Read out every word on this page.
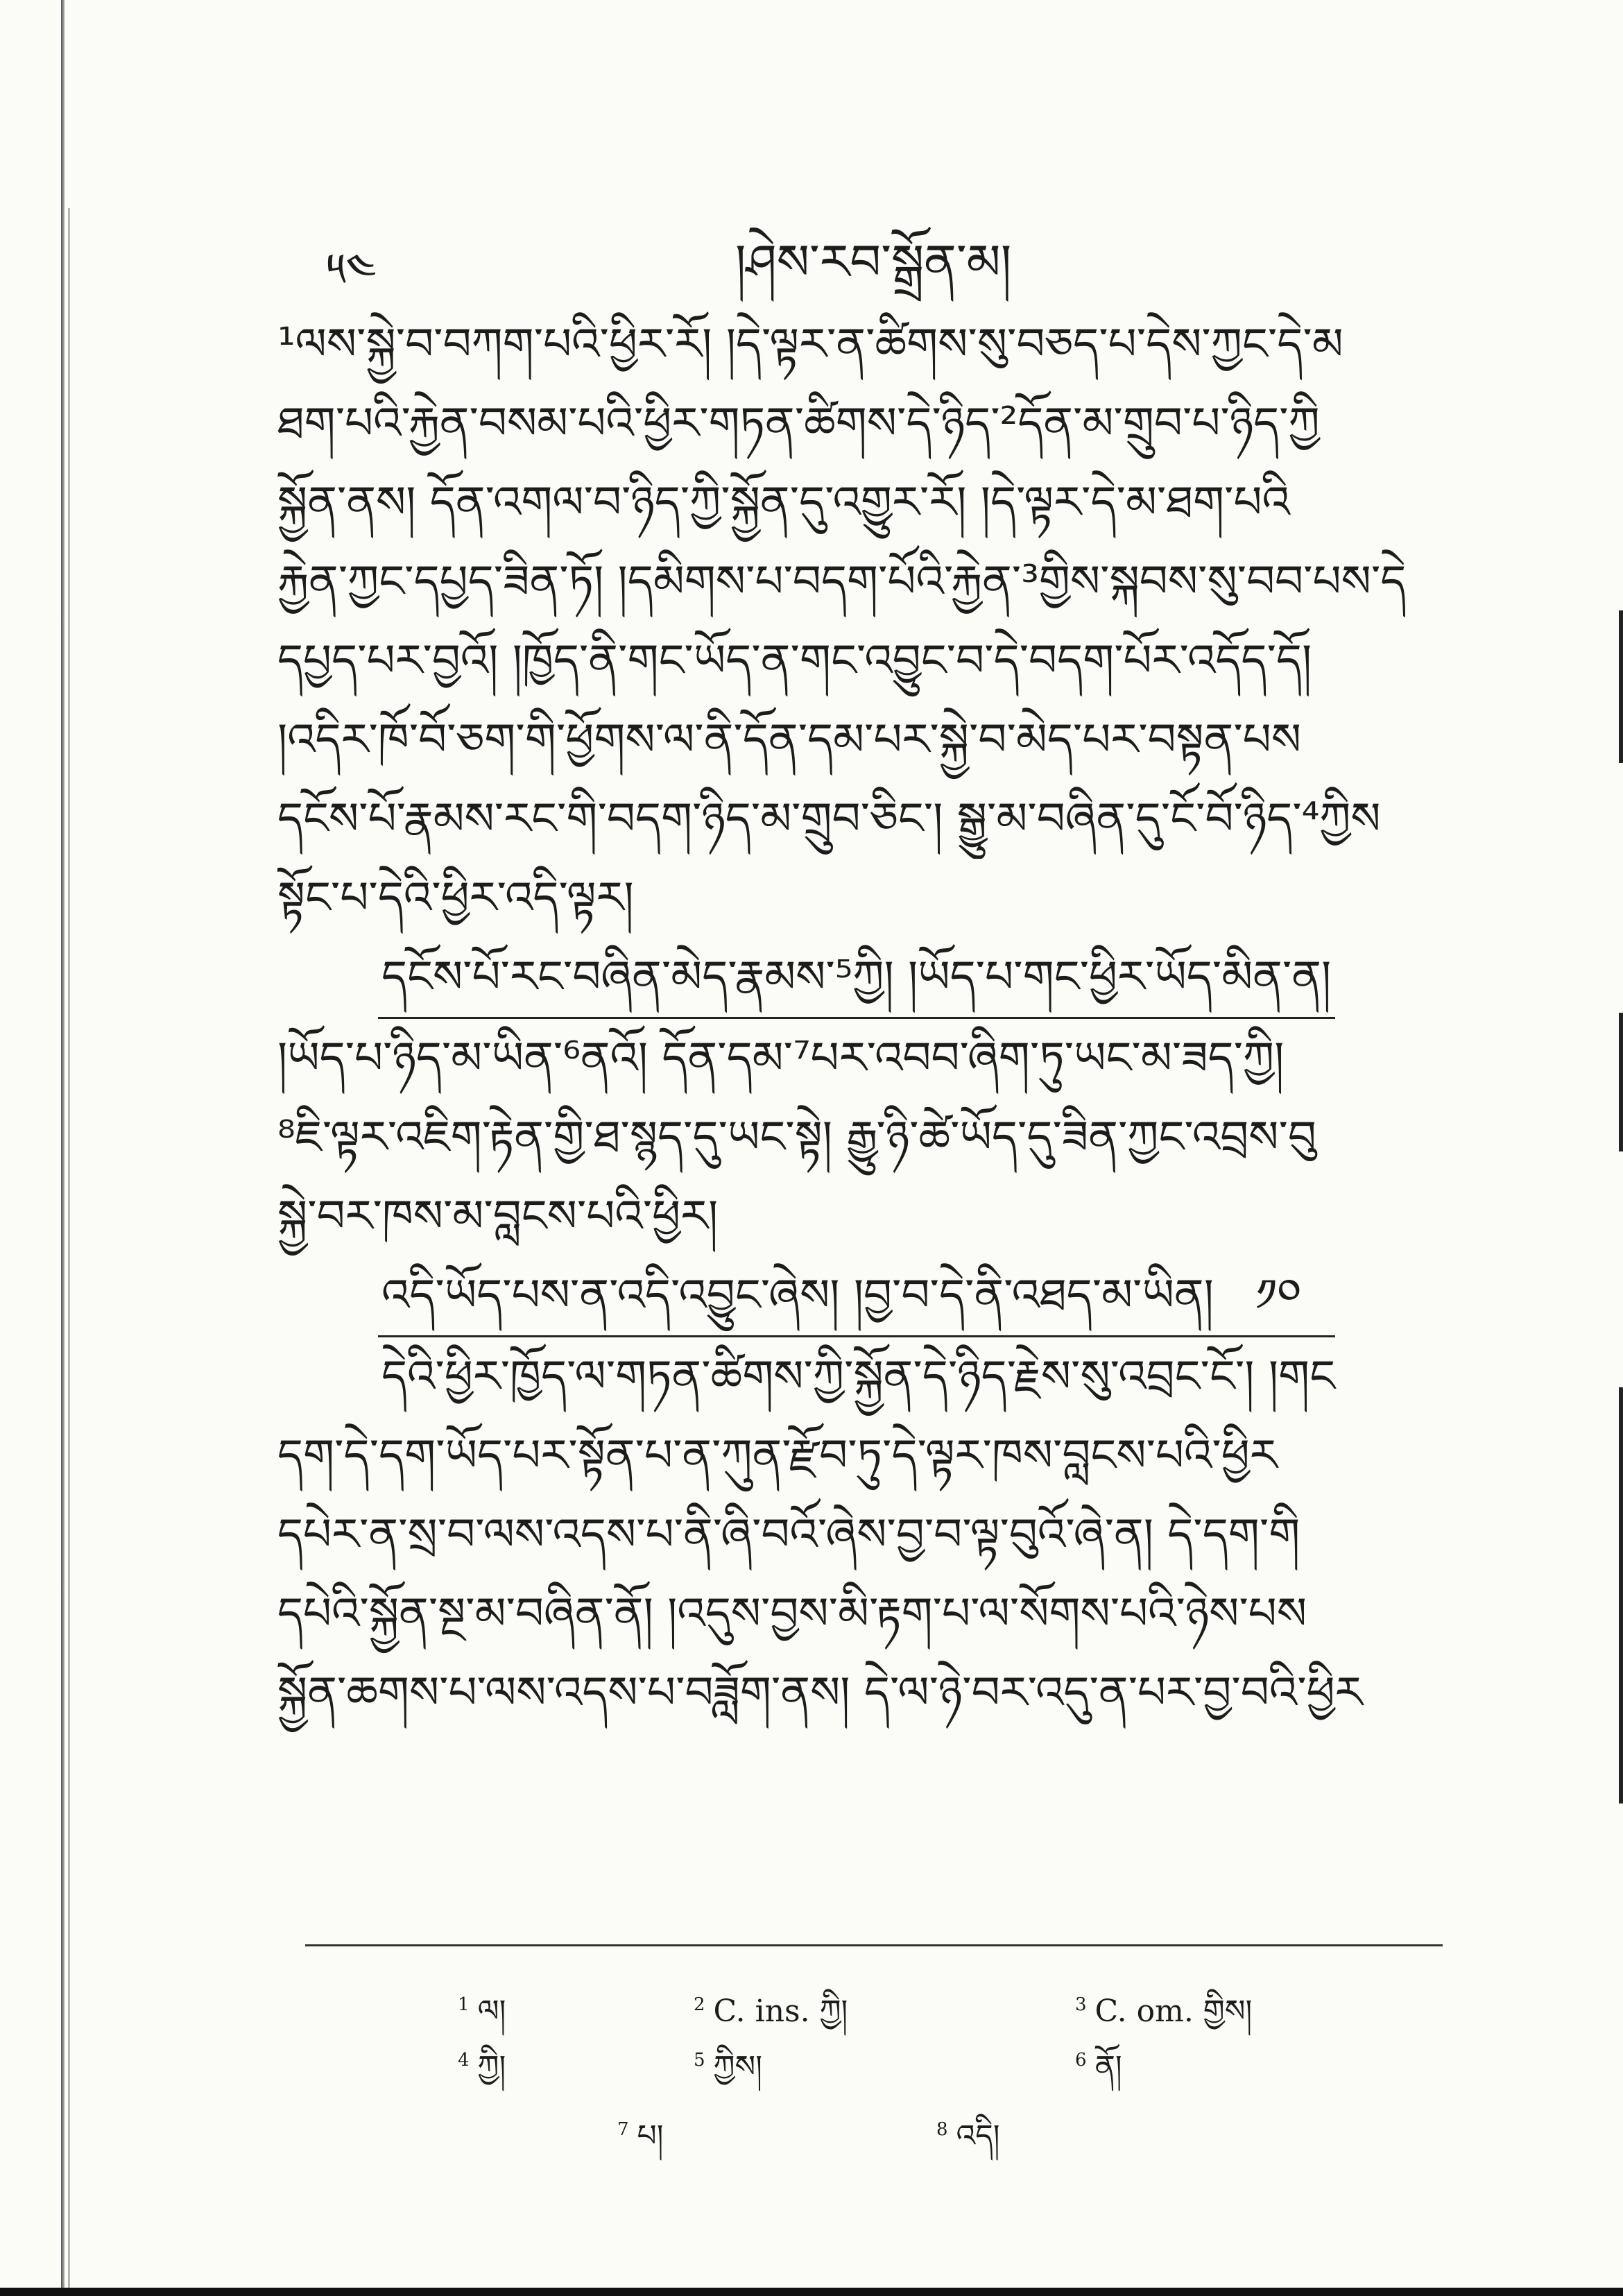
༥༤	།ཤེས་རབ་སྒྲོན་མ།
¹ལས་སྐྱེ་བ་བཀག་པའི་ཕྱིར་རོ། །དེ་ལྟར་ན་ཚིགས་སུ་བཅད་པ་དེས་ཀྱང་དེ་མ
ཐག་པའི་རྐྱེན་བསམ་པའི་ཕྱིར་གཏན་ཚིགས་དེ་ཉིད་²དོན་མ་གྲུབ་པ་ཉིད་ཀྱི
སྐྱོན་ནས། དོན་འགལ་བ་ཉིད་ཀྱི་སྐྱོན་དུ་འགྱུར་རོ། །དེ་ལྟར་དེ་མ་ཐག་པའི
རྐྱེན་ཀྱང་དཔྱད་ཟིན་ཏོ། །དམིགས་པ་བདག་པོའི་རྐྱེན་³གྱིས་སྐབས་སུ་བབ་པས་དེ
དཔྱད་པར་བྱའོ། །ཁྱོད་ནི་གང་ཡོད་ན་གང་འབྱུང་བ་དེ་བདག་པོར་འདོད་དོ།
།འདིར་ཁོ་བོ་ཅག་གི་ཕྱོགས་ལ་ནི་དོན་དམ་པར་སྐྱེ་བ་མེད་པར་བསྟན་པས
དངོས་པོ་རྣམས་རང་གི་བདག་ཉིད་མ་གྲུབ་ཅིང་། སྒྱུ་མ་བཞིན་དུ་ངོ་བོ་ཉིད་⁴ཀྱིས
སྟོང་པ་དེའི་ཕྱིར་འདི་ལྟར།
དངོས་པོ་རང་བཞིན་མེད་རྣམས་⁵ཀྱི། །ཡོད་པ་གང་ཕྱིར་ཡོད་མིན་ན།
།ཡོད་པ་ཉིད་མ་ཡིན་⁶ནའོ། དོན་དམ་⁷པར་འབབ་ཞིག་ཏུ་ཡང་མ་ཟད་ཀྱི།
⁸ཇི་ལྟར་འཇིག་རྟེན་གྱི་ཐ་སྙད་དུ་ཡང་སྟེ། རྒྱུ་ཉི་ཚེ་ཡོད་དུ་ཟིན་ཀྱང་འབྲས་བུ
སྐྱེ་བར་ཁས་མ་བླངས་པའི་ཕྱིར།
འདི་ཡོད་པས་ན་འདི་འབྱུང་ཞེས། །བྱ་བ་དེ་ནི་འཐད་མ་ཡིན། ༡༠
དེའི་ཕྱིར་ཁྱོད་ལ་གཏན་ཚིགས་ཀྱི་སྐྱོན་དེ་ཉིད་རྗེས་སུ་འབྲང་ངོ་། །གང
དག་དེ་དག་ཡོད་པར་སྟོན་པ་ན་ཀུན་རྫོབ་ཏུ་དེ་ལྟར་ཁས་བླངས་པའི་ཕྱིར
དཔེར་ན་སྲ་བ་ལས་འདས་པ་ནི་ཞི་བའོ་ཞེས་བྱ་བ་ལྟ་བུའོ་ཞེ་ན། དེ་དག་གི
དཔེའི་སྐྱོན་སྔ་མ་བཞིན་ནོ། །འདུས་བྱས་མི་རྟག་པ་ལ་སོགས་པའི་ཉེས་པས
སྐྱོན་ཆགས་པ་ལས་འདས་པ་བཟློག་ནས། དེ་ལ་ཉེ་བར་འདུ་ན་པར་བྱ་བའི་ཕྱིར
$^1$ ལ།	$^2$ C. ins. ཀྱི།	$^3$ C. om. གྱིས།
$^4$ ཀྱི།	$^5$ ཀྱིས།	$^6$ ནོ།
$^7$ པ།	$^8$ འདི།
